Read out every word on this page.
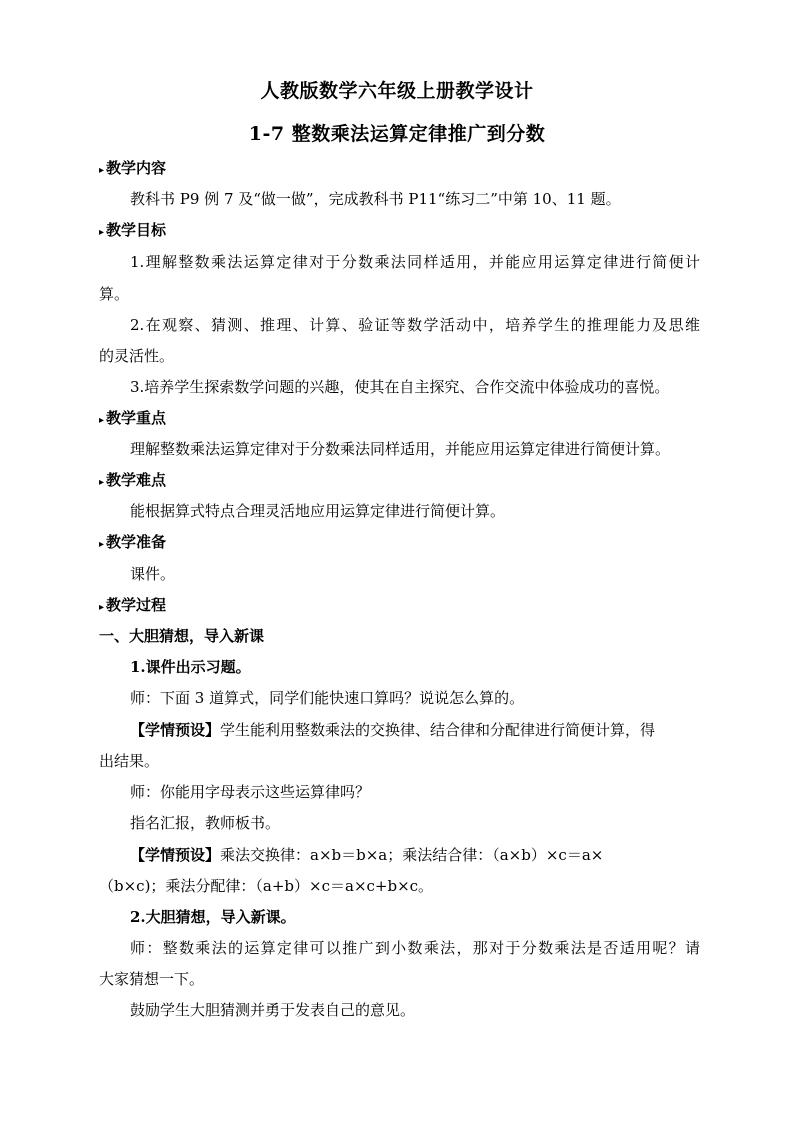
人教版数学六年级上册教学设计
1-7 整数乘法运算定律推广到分数
▸ 教学内容
教科书 P9 例 7 及“做一做”，完成教科书 P11“练习二”中第 10、11 题。
▸ 教学目标
1.理解整数乘法运算定律对于分数乘法同样适用，并能应用运算定律进行简便计
算。
2.在观察、猜测、推理、计算、验证等数学活动中，培养学生的推理能力及思维
的灵活性。
3.培养学生探索数学问题的兴趣，使其在自主探究、合作交流中体验成功的喜悦。
▸ 教学重点
理解整数乘法运算定律对于分数乘法同样适用，并能应用运算定律进行简便计算。
▸ 教学难点
能根据算式特点合理灵活地应用运算定律进行简便计算。
▸ 教学准备
课件。
▸ 教学过程
一、大胆猜想，导入新课
1.课件出示习题。
师：下面 3 道算式，同学们能快速口算吗？说说怎么算的。
【学情预设】学生能利用整数乘法的交换律、结合律和分配律进行简便计算，得
出结果。
师：你能用字母表示这些运算律吗？
指名汇报，教师板书。
【学情预设】乘法交换律：a×b＝b×a；乘法结合律：（a×b）×c＝a×
（b×c)；乘法分配律：（a+b）×c＝a×c+b×c。
2.大胆猜想，导入新课。
师：整数乘法的运算定律可以推广到小数乘法，那对于分数乘法是否适用呢？请
大家猜想一下。
鼓励学生大胆猜测并勇于发表自己的意见。
